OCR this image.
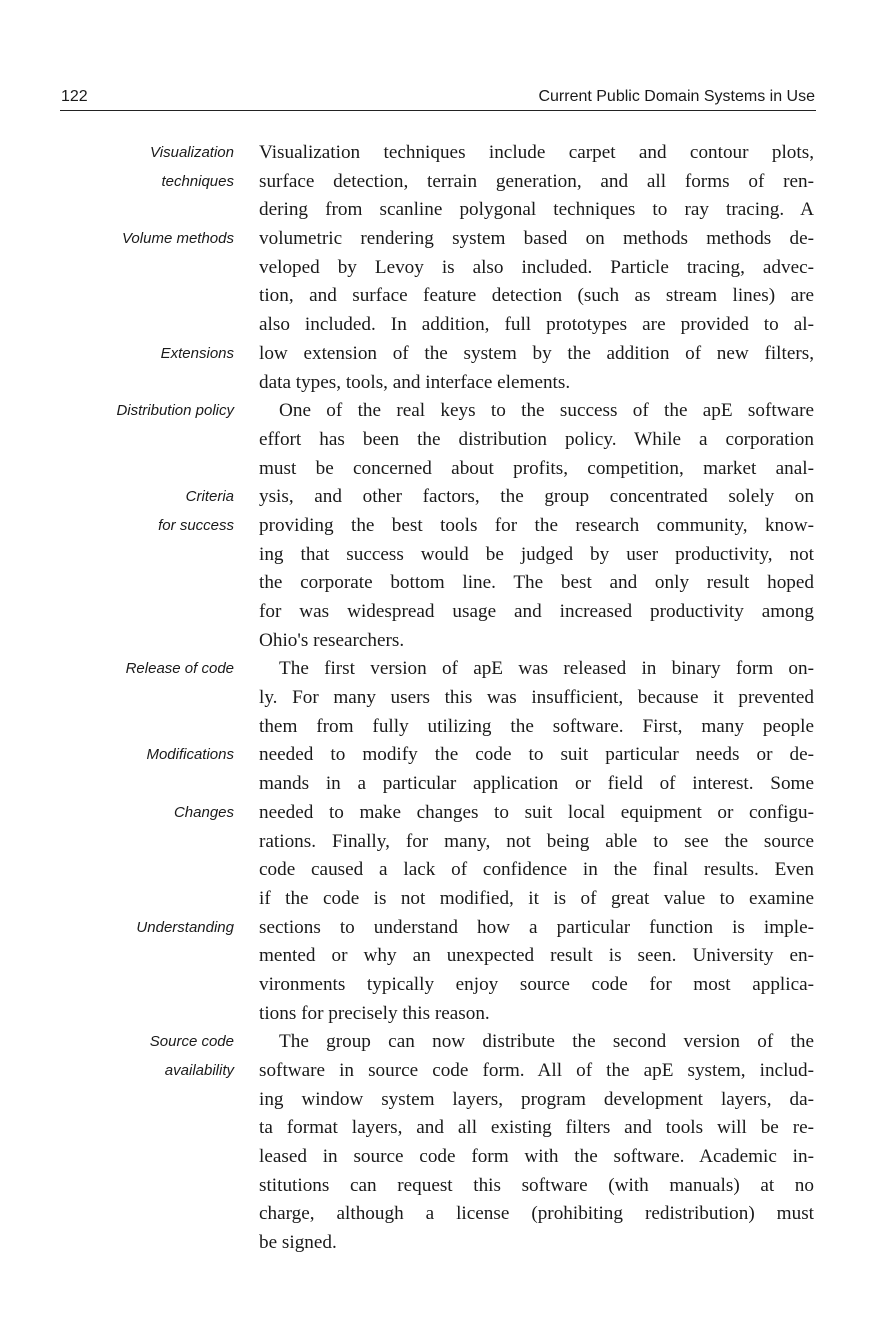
122	Current Public Domain Systems in Use
Visualization Visualization techniques include carpet and contour plots,
techniques surface detection, terrain generation, and all forms of ren-
dering from scanline polygonal techniques to ray tracing. A
Volume methods volumetric rendering system based on methods methods de-
veloped by Levoy is also included. Particle tracing, advec-
tion, and surface feature detection (such as stream lines) are
also included. In addition, full prototypes are provided to al-
Extensions low extension of the system by the addition of new filters,
data types, tools, and interface elements.
Distribution policy	One of the real keys to the success of the apE software
effort has been the distribution policy. While a corporation
must be concerned about profits, competition, market anal-
Criteria ysis, and other factors, the group concentrated solely on
for success providing the best tools for the research community, know-
ing that success would be judged by user productivity, not
the corporate bottom line. The best and only result hoped
for was widespread usage and increased productivity among
Ohio's researchers.
Release of code	The first version of apE was released in binary form on-
ly. For many users this was insufficient, because it prevented
them from fully utilizing the software. First, many people
Modifications needed to modify the code to suit particular needs or de-
mands in a particular application or field of interest. Some
Changes needed to make changes to suit local equipment or configu-
rations. Finally, for many, not being able to see the source
code caused a lack of confidence in the final results. Even
if the code is not modified, it is of great value to examine
Understanding sections to understand how a particular function is imple-
mented or why an unexpected result is seen. University en-
vironments typically enjoy source code for most applica-
tions for precisely this reason.
Source code	The group can now distribute the second version of the
availability software in source code form. All of the apE system, includ-
ing window system layers, program development layers, da-
ta format layers, and all existing filters and tools will be re-
leased in source code form with the software. Academic in-
stitutions can request this software (with manuals) at no
charge, although a license (prohibiting redistribution) must
be signed.
